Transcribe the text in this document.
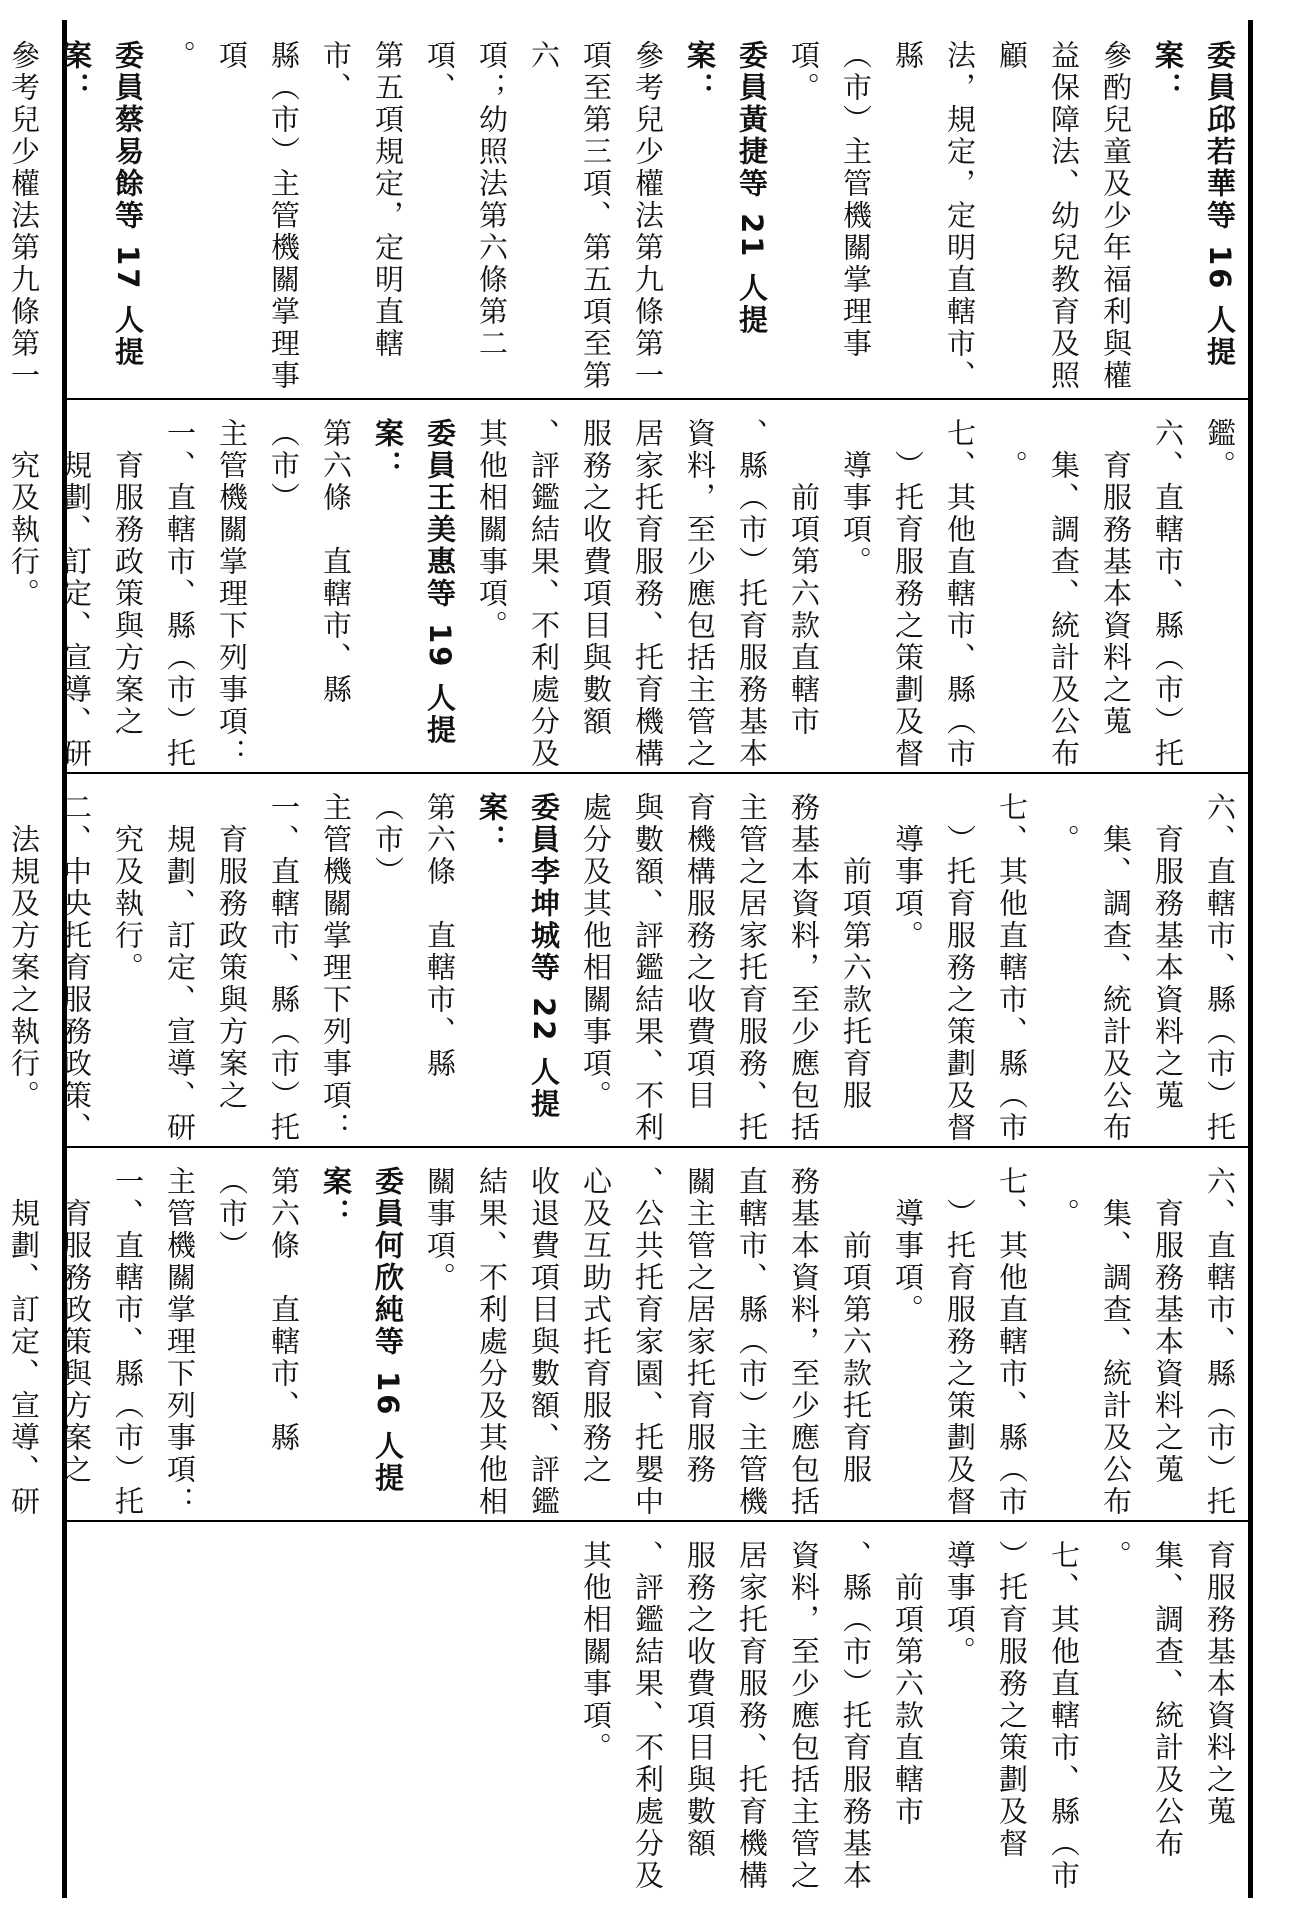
委員邱若華等 16 人提案：

參酌兒童及少年福利與權

益保障法、幼兒教育及照顧

法，規定，定明直轄市、縣

（市）主管機關掌理事項。

委員黃捷等 21 人提案：

參考兒少權法第九條第一

項至第三項、第五項至第六

項；幼照法第六條第二項、

第五項規定，定明直轄市、

縣（市）主管機關掌理事項

。

委員蔡易餘等 17 人提案：

參考兒少權法第九條第一

鑑。

六、直轄市、縣（市）托

　育服務基本資料之蒐

　集、調查、統計及公布

　。

七、其他直轄市、縣（市

　）托育服務之策劃及督

　導事項。

　　前項第六款直轄市

、縣（市）托育服務基本

資料，至少應包括主管之

居家托育服務、托育機構

服務之收費項目與數額

、評鑑結果、不利處分及

其他相關事項。

委員王美惠等 19 人提案：

第六條　直轄市、縣（市）

主管機關掌理下列事項：

一、直轄市、縣（市）托

　育服務政策與方案之

　規劃、訂定、宣導、研

　究及執行。

六、直轄市、縣（市）托

　育服務基本資料之蒐

　集、調查、統計及公布

　。

七、其他直轄市、縣（市

　）托育服務之策劃及督

　導事項。

　　前項第六款托育服

務基本資料，至少應包括

主管之居家托育服務、托

育機構服務之收費項目

與數額、評鑑結果、不利

處分及其他相關事項。

委員李坤城等 22 人提案：

第六條　直轄市、縣（市）

主管機關掌理下列事項：

一、直轄市、縣（市）托

　育服務政策與方案之

　規劃、訂定、宣導、研

　究及執行。

二、中央托育服務政策、

　法規及方案之執行。

六、直轄市、縣（市）托

　育服務基本資料之蒐

　集、調查、統計及公布

　。

七、其他直轄市、縣（市

　）托育服務之策劃及督

　導事項。

　　前項第六款托育服

務基本資料，至少應包括

直轄市、縣（市）主管機

關主管之居家托育服務

、公共托育家園、托嬰中

心及互助式托育服務之

收退費項目與數額、評鑑

結果、不利處分及其他相

關事項。

委員何欣純等 16 人提案：

第六條　直轄市、縣（市）

主管機關掌理下列事項：

一、直轄市、縣（市）托

　育服務政策與方案之

　規劃、訂定、宣導、研

育服務基本資料之蒐

集、調查、統計及公布

。

七、其他直轄市、縣（市

）托育服務之策劃及督

導事項。

　前項第六款直轄市

、縣（市）托育服務基本

資料，至少應包括主管之

居家托育服務、托育機構

服務之收費項目與數額

、評鑑結果、不利處分及

其他相關事項。
